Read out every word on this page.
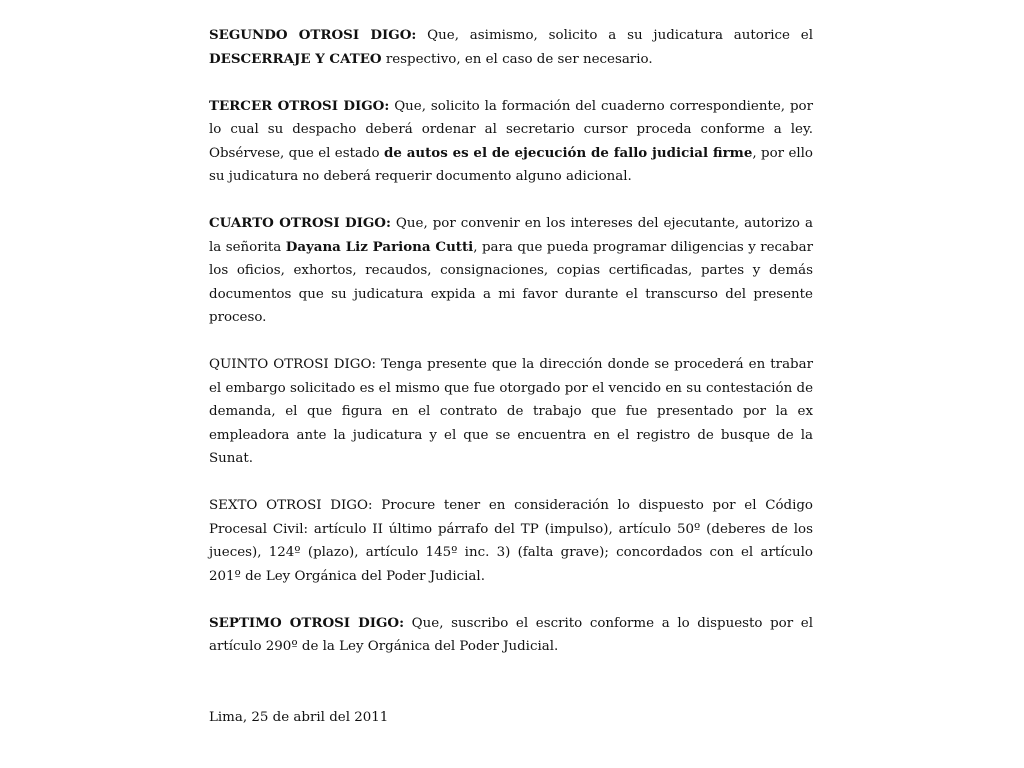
SEGUNDO OTROSI DIGO: Que, asimismo, solicito a su judicatura autorice el DESCERRAJE Y CATEO respectivo, en el caso de ser necesario.

TERCER OTROSI DIGO: Que, solicito la formación del cuaderno correspondiente, por lo cual su despacho deberá ordenar al secretario cursor proceda conforme a ley. Obsérvese, que el estado de autos es el de ejecución de fallo judicial firme, por ello su judicatura no deberá requerir documento alguno adicional.

CUARTO OTROSI DIGO: Que, por convenir en los intereses del ejecutante, autorizo a la señorita Dayana Liz Pariona Cutti, para que pueda programar diligencias y recabar los oficios, exhortos, recaudos, consignaciones, copias certificadas, partes y demás documentos que su judicatura expida a mi favor durante el transcurso del presente proceso.

QUINTO OTROSI DIGO: Tenga presente que la dirección donde se procederá en trabar el embargo solicitado es el mismo que fue otorgado por el vencido en su contestación de demanda, el que figura en el contrato de trabajo que fue presentado por la ex empleadora ante la judicatura y el que se encuentra en el registro de busque de la Sunat.

SEXTO OTROSI DIGO: Procure tener en consideración lo dispuesto por el Código Procesal Civil: artículo II último párrafo del TP (impulso), artículo 50º (deberes de los jueces), 124º (plazo), artículo 145º inc. 3) (falta grave); concordados con el artículo 201º de Ley Orgánica del Poder Judicial.

SEPTIMO OTROSI DIGO: Que, suscribo el escrito conforme a lo dispuesto por el artículo 290º de la Ley Orgánica del Poder Judicial.

Lima, 25 de abril del 2011
